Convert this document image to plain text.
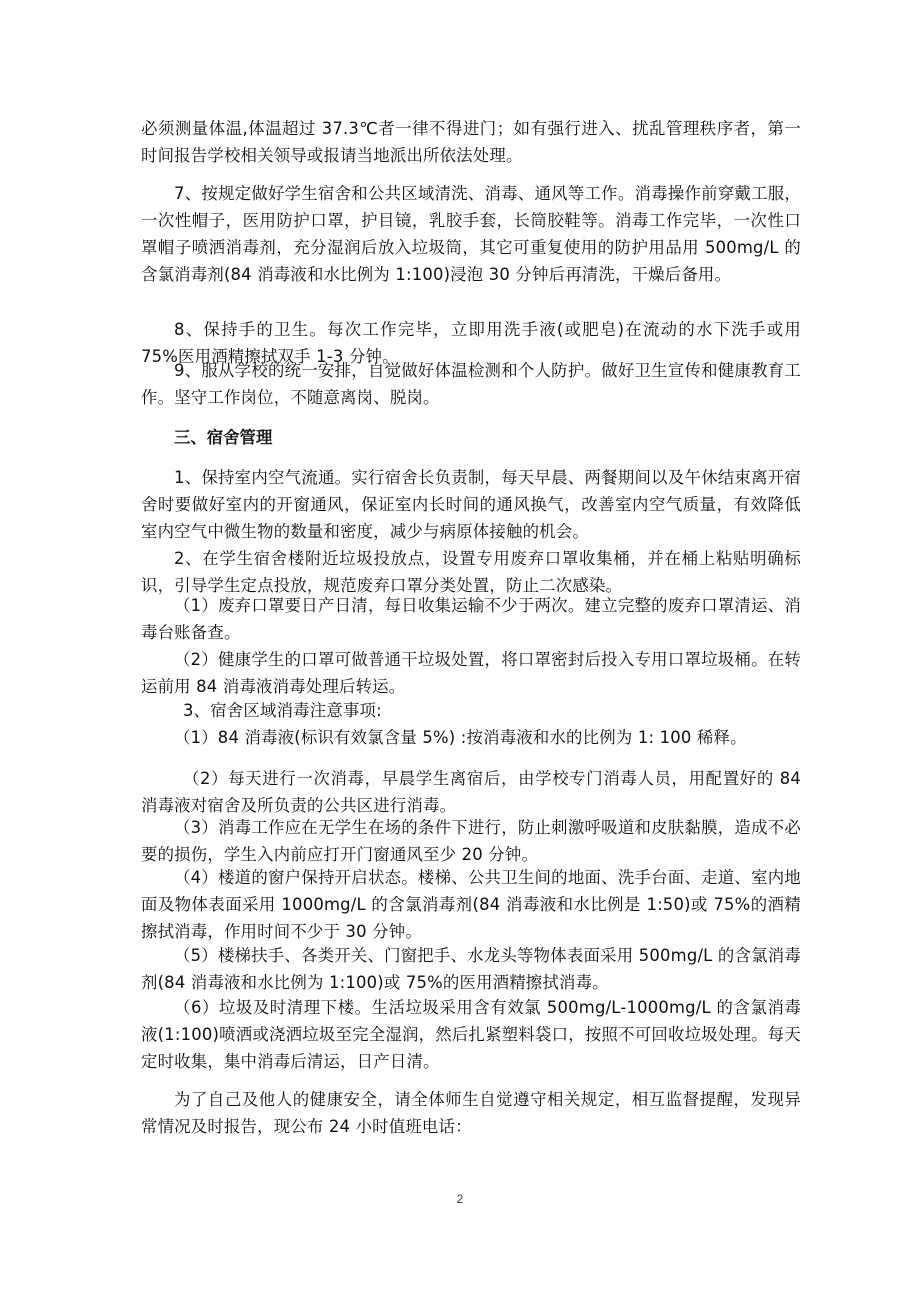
必须测量体温,体温超过 37.3℃者一律不得进门；如有强行进入、扰乱管理秩序者，第一时间报告学校相关领导或报请当地派出所依法处理。

7、按规定做好学生宿舍和公共区域清洗、消毒、通风等工作。消毒操作前穿戴工服，一次性帽子，医用防护口罩，护目镜，乳胶手套，长筒胶鞋等。消毒工作完毕，一次性口罩帽子喷洒消毒剂，充分湿润后放入垃圾筒，其它可重复使用的防护用品用 500mg/L 的含氯消毒剂(84 消毒液和水比例为 1:100)浸泡 30 分钟后再清洗，干燥后备用。

8、保持手的卫生。每次工作完毕，立即用洗手液(或肥皂)在流动的水下洗手或用 75%医用酒精擦拭双手 1-3 分钟。

9、服从学校的统一安排，自觉做好体温检测和个人防护。做好卫生宣传和健康教育工作。坚守工作岗位，不随意离岗、脱岗。

三、宿舍管理

1、保持室内空气流通。实行宿舍长负责制，每天早晨、两餐期间以及午休结束离开宿舍时要做好室内的开窗通风，保证室内长时间的通风换气，改善室内空气质量，有效降低室内空气中微生物的数量和密度，减少与病原体接触的机会。

2、在学生宿舍楼附近垃圾投放点，设置专用废弃口罩收集桶，并在桶上粘贴明确标识，引导学生定点投放，规范废弃口罩分类处置，防止二次感染。

（1）废弃口罩要日产日清，每日收集运输不少于两次。建立完整的废弃口罩清运、消毒台账备查。

（2）健康学生的口罩可做普通干垃圾处置，将口罩密封后投入专用口罩垃圾桶。在转运前用 84 消毒液消毒处理后转运。

3、宿舍区域消毒注意事项:

（1）84 消毒液(标识有效氯含量 5%) :按消毒液和水的比例为 1: 100 稀释。

（2）每天进行一次消毒，早晨学生离宿后，由学校专门消毒人员，用配置好的 84 消毒液对宿舍及所负责的公共区进行消毒。

（3）消毒工作应在无学生在场的条件下进行，防止刺激呼吸道和皮肤黏膜，造成不必要的损伤，学生入内前应打开门窗通风至少 20 分钟。

（4）楼道的窗户保持开启状态。楼梯、公共卫生间的地面、洗手台面、走道、室内地面及物体表面采用 1000mg/L 的含氯消毒剂(84 消毒液和水比例是 1:50)或 75%的酒精擦拭消毒，作用时间不少于 30 分钟。

（5）楼梯扶手、各类开关、门窗把手、水龙头等物体表面采用 500mg/L 的含氯消毒剂(84 消毒液和水比例为 1:100)或 75%的医用酒精擦拭消毒。

（6）垃圾及时清理下楼。生活垃圾采用含有效氯 500mg/L-1000mg/L 的含氯消毒液(1:100)喷洒或浇洒垃圾至完全湿润，然后扎紧塑料袋口，按照不可回收垃圾处理。每天定时收集，集中消毒后清运，日产日清。

为了自己及他人的健康安全，请全体师生自觉遵守相关规定，相互监督提醒，发现异常情况及时报告，现公布 24 小时值班电话：

2
